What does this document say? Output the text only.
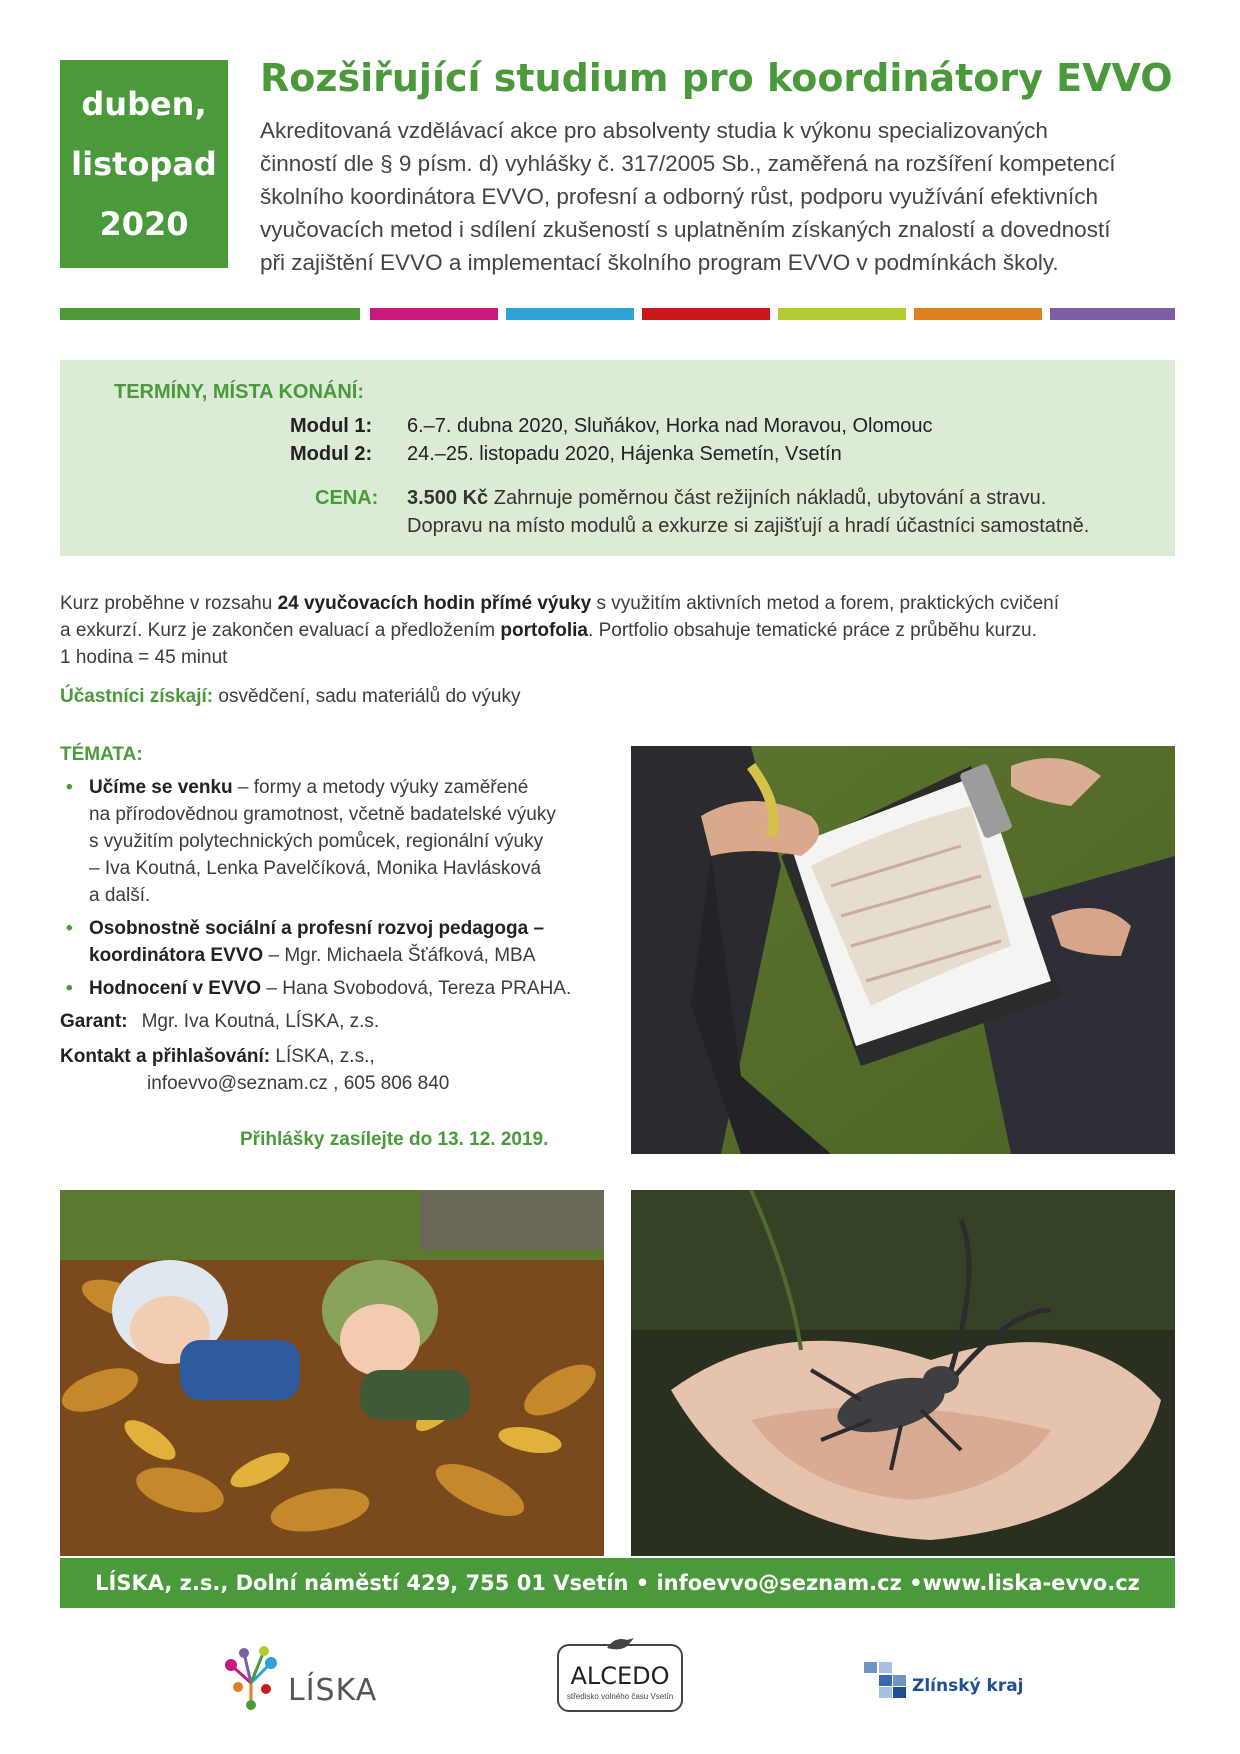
duben,
listopad
2020
Rozšiřující studium pro koordinátory EVVO
Akreditovaná vzdělávací akce pro absolventy studia k výkonu specializovaných
činností dle § 9 písm. d) vyhlášky č. 317/2005 Sb., zaměřená na rozšíření kompetencí
školního koordinátora EVVO, profesní a odborný růst, podporu využívání efektivních
vyučovacích metod i sdílení zkušeností s uplatněním získaných znalostí a dovedností
při zajištění EVVO a implementací školního program EVVO v podmínkách školy.
TERMÍNY, MÍSTA KONÁNÍ:
Modul 1: 6.–7. dubna 2020, Sluňákov, Horka nad Moravou, Olomouc
Modul 2: 24.–25. listopadu 2020, Hájenka Semetín, Vsetín
CENA: 3.500 Kč Zahrnuje poměrnou část režijních nákladů, ubytování a stravu.
Dopravu na místo modulů a exkurze si zajišťují a hradí účastníci samostatně.
Kurz proběhne v rozsahu 24 vyučovacích hodin přímé výuky s využitím aktivních metod a forem, praktických cvičení
a exkurzí. Kurz je zakončen evaluací a předložením portofolia. Portfolio obsahuje tematické práce z průběhu kurzu.
1 hodina = 45 minut
Účastníci získají: osvědčení, sadu materiálů do výuky
TÉMATA:
• Učíme se venku – formy a metody výuky zaměřené
na přírodovědnou gramotnost, včetně badatelské výuky
s využitím polytechnických pomůcek, regionální výuky
– Iva Koutná, Lenka Pavelčíková, Monika Havlásková
a další.
• Osobnostně sociální a profesní rozvoj pedagoga –
koordinátora EVVO – Mgr. Michaela Šťáfková, MBA
• Hodnocení v EVVO – Hana Svobodová, Tereza PRAHA.
Garant: Mgr. Iva Koutná, LÍSKA, z.s.
Kontakt a přihlašování: LÍSKA, z.s.,
infoevvo@seznam.cz , 605 806 840
Přihlášky zasílejte do 13. 12. 2019.
LÍSKA, z.s., Dolní náměstí 429, 755 01 Vsetín • infoevvo@seznam.cz • www.liska-evvo.cz
LÍSKA	ALCEDO
středisko volného času Vsetín
Zlínský kraj
